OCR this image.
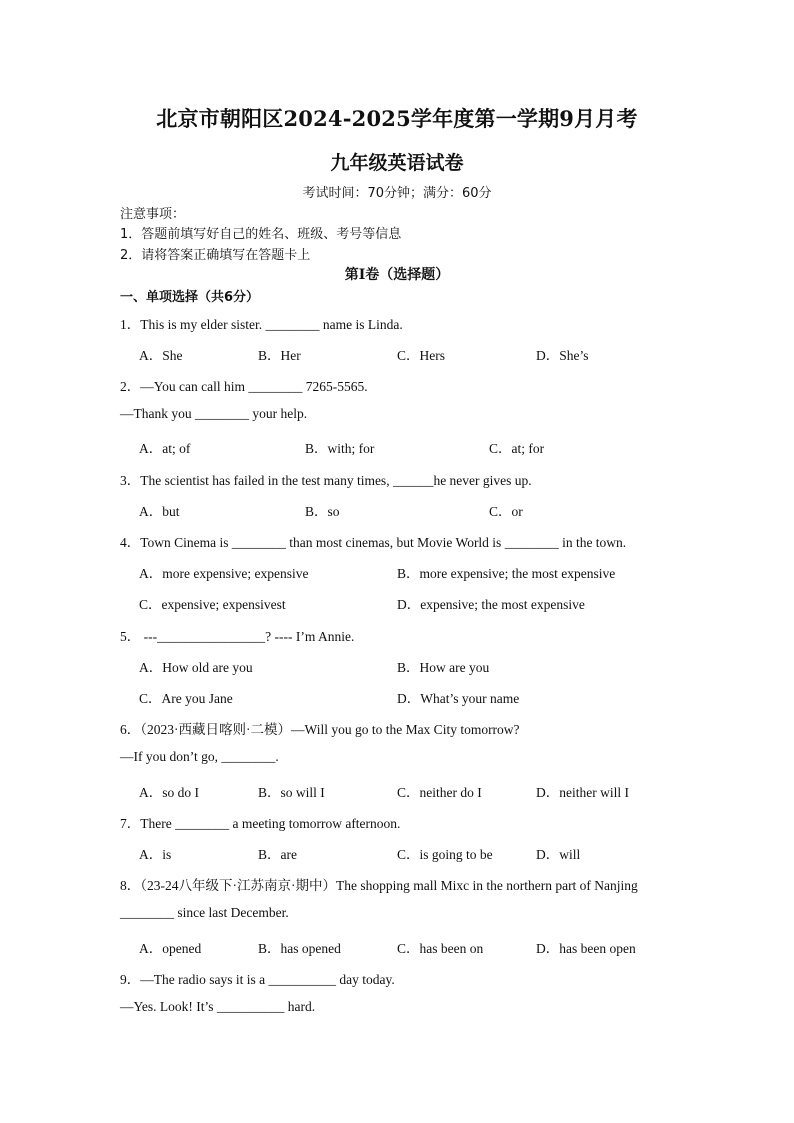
北京市朝阳区2024-2025学年度第一学期9月月考
九年级英语试卷
考试时间：70分钟；满分：60分
注意事项：
1．答题前填写好自己的姓名、班级、考号等信息
2．请将答案正确填写在答题卡上
第Ⅰ卷（选择题）
一、单项选择（共6分）
1．This is my elder sister. ________ name is Linda.
A．She	B．Her	C．Hers	D．She’s
2．—You can call him ________ 7265-5565.
—Thank you ________ your help.
A．at; of	B．with; for	C．at; for
3．The scientist has failed in the test many times, ______he never gives up.
A．but	B．so	C．or
4．Town Cinema is ________ than most cinemas, but Movie World is ________ in the town.
A．more expensive; expensive	B．more expensive; the most expensive
C．expensive; expensivest	D．expensive; the most expensive
5． ---________________? ---- I’m Annie.
A．How old are you	B．How are you
C．Are you Jane	D．What’s your name
6．（2023·西藏日喀则·二模）—Will you go to the Max City tomorrow?
—If you don’t go, ________.
A．so do I	B．so will I	C．neither do I	D．neither will I
7．There ________ a meeting tomorrow afternoon.
A．is	B．are	C．is going to be	D．will
8．（23-24八年级下·江苏南京·期中）The shopping mall Mixc in the northern part of Nanjing
________ since last December.
A．opened	B．has opened	C．has been on	D．has been open
9．—The radio says it is a __________ day today.
—Yes. Look! It’s __________ hard.
